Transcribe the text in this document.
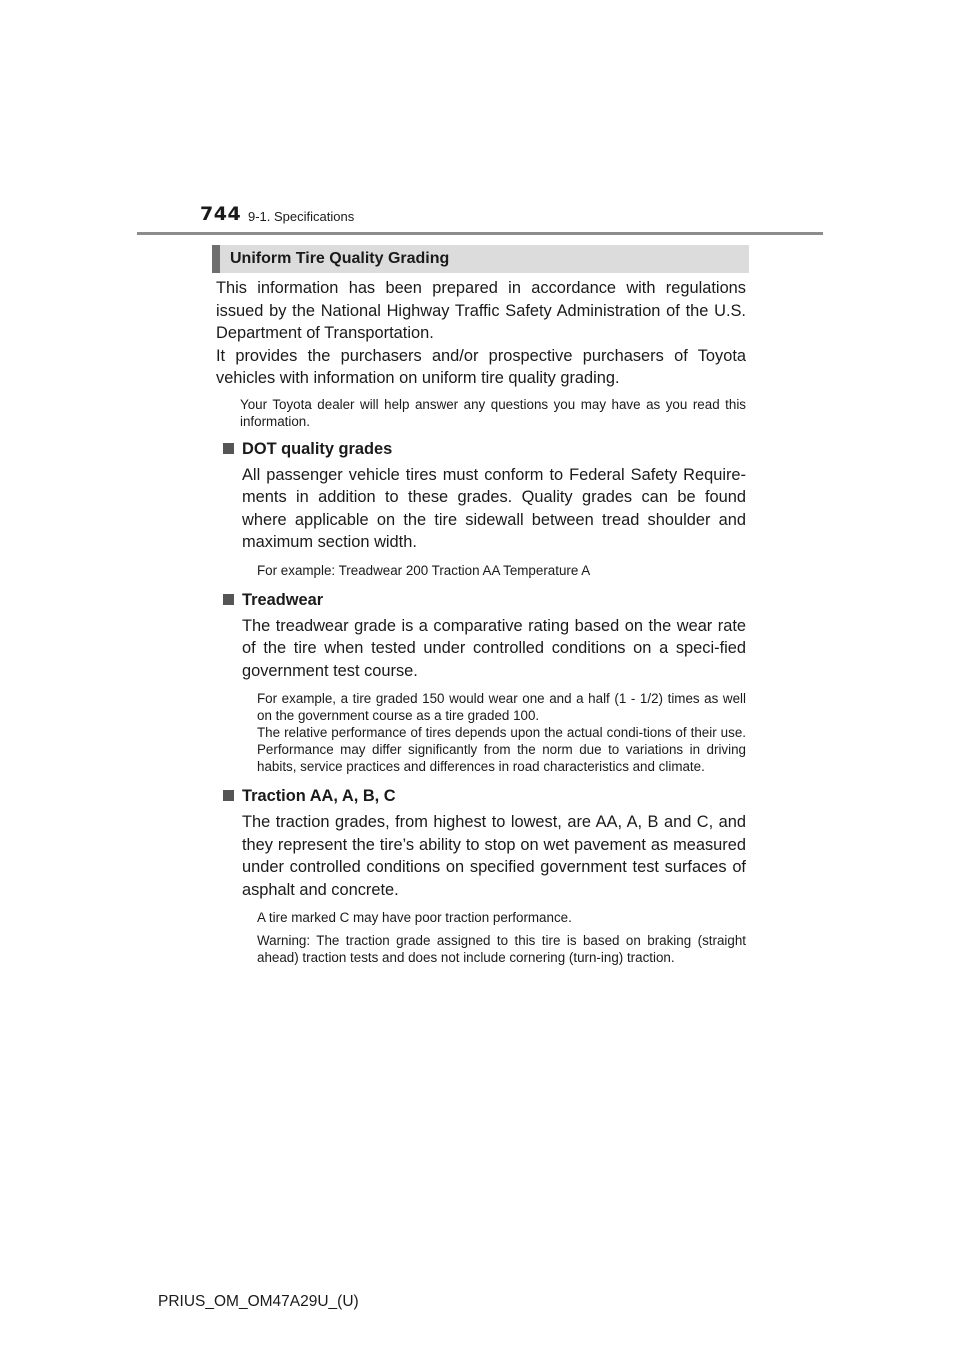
744 9-1. Specifications
Uniform Tire Quality Grading

This information has been prepared in accordance with regulations issued by the National Highway Traffic Safety Administration of the U.S. Department of Transportation.

It provides the purchasers and/or prospective purchasers of Toyota vehicles with information on uniform tire quality grading.

Your Toyota dealer will help answer any questions you may have as you read this information.

DOT quality grades

All passenger vehicle tires must conform to Federal Safety Require-ments in addition to these grades. Quality grades can be found where applicable on the tire sidewall between tread shoulder and maximum section width.

For example: Treadwear 200 Traction AA Temperature A

Treadwear

The treadwear grade is a comparative rating based on the wear rate of the tire when tested under controlled conditions on a speci-fied government test course.

For example, a tire graded 150 would wear one and a half (1 - 1/2) times as well on the government course as a tire graded 100.

The relative performance of tires depends upon the actual condi-tions of their use. Performance may differ significantly from the norm due to variations in driving habits, service practices and differences in road characteristics and climate.

Traction AA, A, B, C

The traction grades, from highest to lowest, are AA, A, B and C, and they represent the tire’s ability to stop on wet pavement as measured under controlled conditions on specified government test surfaces of asphalt and concrete.

A tire marked C may have poor traction performance.

Warning: The traction grade assigned to this tire is based on braking (straight ahead) traction tests and does not include cornering (turn-ing) traction.

PRIUS_OM_OM47A29U_(U)
